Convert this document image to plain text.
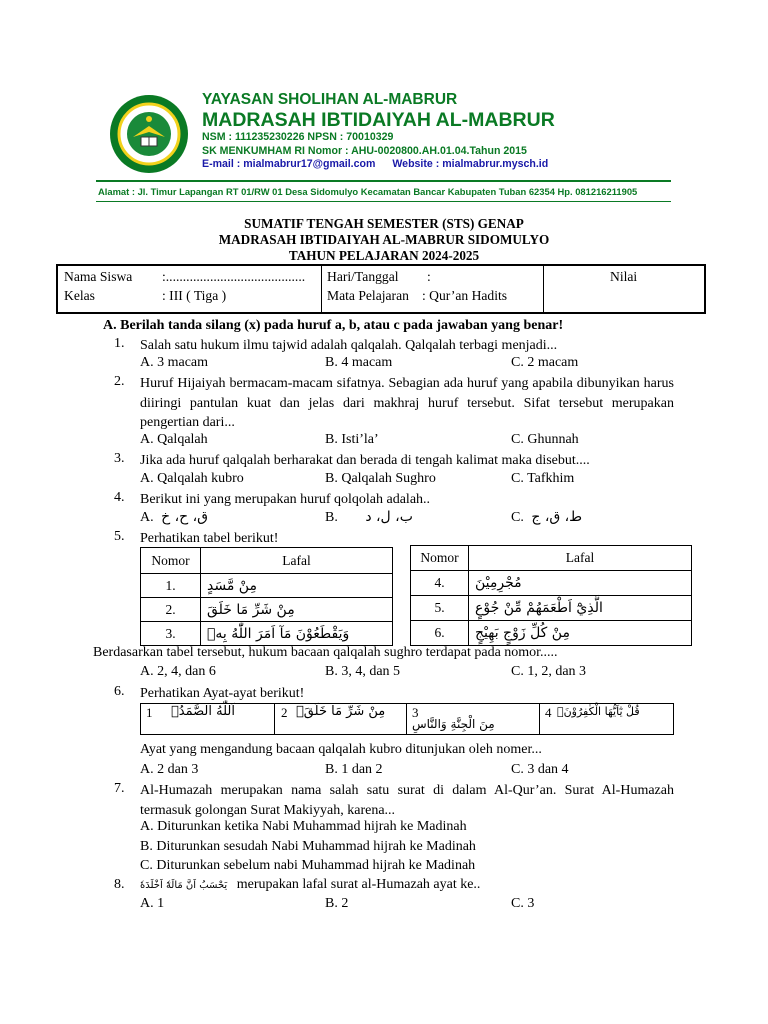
YAYASAN SHOLIHAN AL-MABRUR
MADRASAH IBTIDAIYAH AL-MABRUR
NSM : 111235230226 NPSN : 70010329
SK MENKUMHAM RI Nomor : AHU-0020800.AH.01.04.Tahun 2015
E-mail : mialmabrur17@gmail.com Website : mialmabrur.mysch.id
Alamat : Jl. Timur Lapangan RT 01/RW 01 Desa Sidomulyo Kecamatan Bancar Kabupaten Tuban 62354 Hp. 081216211905
SUMATIF TENGAH SEMESTER (STS) GENAP
MADRASAH IBTIDAIYAH AL-MABRUR SIDOMULYO
TAHUN PELAJARAN 2024-2025
Nama Siswa :.........................................
Kelas	: III ( Tiga )
Hari/Tanggal :
Mata Pelajaran : Qur’an Hadits
Nilai
A. Berilah tanda silang (x) pada huruf a, b, atau c pada jawaban yang benar!
1. Salah satu hukum ilmu tajwid adalah qalqalah. Qalqalah terbagi menjadi...
A. 3 macam	B. 4 macam	C. 2 macam
2. Huruf Hijaiyah bermacam-macam sifatnya. Sebagian ada huruf yang apabila dibunyikan harus diiringi pantulan kuat dan jelas dari makhraj huruf tersebut. Sifat tersebut merupakan pengertian dari...
A. Qalqalah	B. Isti’la’	C. Ghunnah
3. Jika ada huruf qalqalah berharakat dan berada di tengah kalimat maka disebut....
A. Qalqalah kubro	B. Qalqalah Sughro	C. Tafkhim
4. Berikut ini yang merupakan huruf qolqolah adalah..
A. ق، ح، خ	B. ب، ل، د	C. ط، ق، ج
5. Perhatikan tabel berikut!
Nomor	Lafal
1.	مِنْ مَّسَدٍ
2.	مِنْ شَرِّ مَا خَلَقَ
3.	وَيَقْطَعُوْنَ مَآ اَمَرَ اللّٰهُ بِهٖ
Nomor	Lafal
4.	مُجْرِمِيْنَ
5.	الَّذِيْٓ اَطْعَمَهُمْ مِّنْ جُوْعٍ
6.	مِنْ كُلِّ زَوْجٍ بَهِيْجٍ
Berdasarkan tabel tersebut, hukum bacaan qalqalah sughro terdapat pada nomor.....
A. 2, 4, dan 6	B. 3, 4, dan 5	C. 1, 2, dan 3
6. Perhatikan Ayat-ayat berikut!
1 اَللّٰهُ الصَّمَدُۚ	2 مِنْ شَرِّ مَا خَلَقَۙ 3
مِنَ الْجِنَّةِ وَالنَّاسِ
4 قُلْ يٰٓاَيُّهَا الْكٰفِرُوْنَۙ
Ayat yang mengandung bacaan qalqalah kubro ditunjukan oleh nomer...
A. 2 dan 3	B. 1 dan 2	C. 3 dan 4
7. Al-Humazah merupakan nama salah satu surat di dalam Al-Qur’an. Surat Al-Humazah termasuk golongan Surat Makiyyah, karena...
A. Diturunkan ketika Nabi Muhammad hijrah ke Madinah
B. Diturunkan sesudah Nabi Muhammad hijrah ke Madinah
C. Diturunkan sebelum nabi Muhammad hijrah ke Madinah
8. يَحْسَبُ اَنَّ مَالَهٗٓ اَخْلَدَهٗ merupakan lafal surat al-Humazah ayat ke..
A. 1	B. 2	C. 3
